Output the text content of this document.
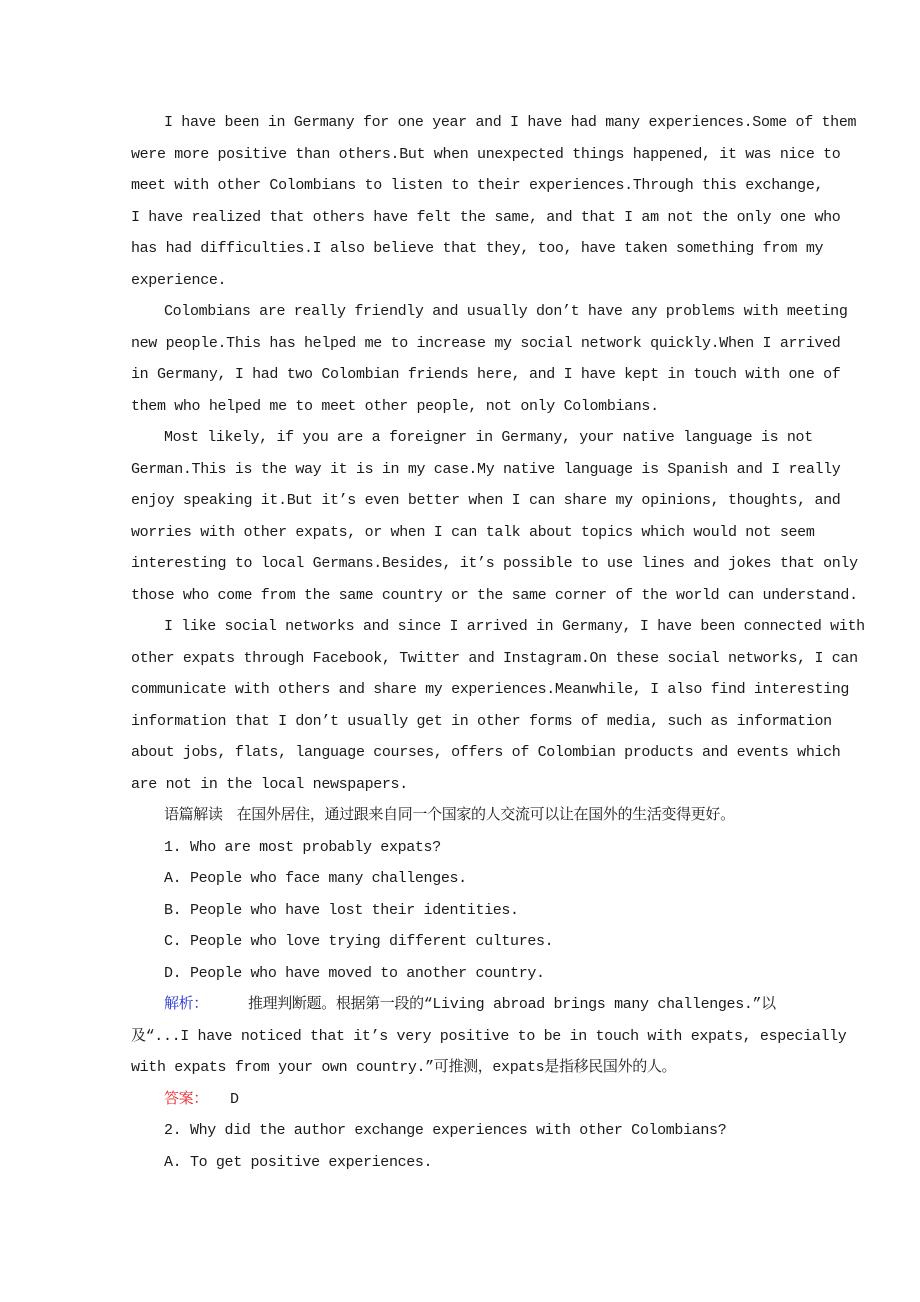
I have been in Germany for one year and I have had many experiences.Some of them
were more positive than others.But when unexpected things happened, it was nice to
meet with other Colombians to listen to their experiences.Through this exchange,
I have realized that others have felt the same, and that I am not the only one who
has had difficulties.I also believe that they, too, have taken something from my
experience.
Colombians are really friendly and usually don’t have any problems with meeting
new people.This has helped me to increase my social network quickly.When I arrived
in Germany, I had two Colombian friends here, and I have kept in touch with one of
them who helped me to meet other people, not only Colombians.
Most likely, if you are a foreigner in Germany, your native language is not
German.This is the way it is in my case.My native language is Spanish and I really
enjoy speaking it.But it’s even better when I can share my opinions, thoughts, and
worries with other expats, or when I can talk about topics which would not seem
interesting to local Germans.Besides, it’s possible to use lines and jokes that only
those who come from the same country or the same corner of the world can understand.
I like social networks and since I arrived in Germany, I have been connected with
other expats through Facebook, Twitter and Instagram.On these social networks, I can
communicate with others and share my experiences.Meanwhile, I also find interesting
information that I don’t usually get in other forms of media, such as information
about jobs, flats, language courses, offers of Colombian products and events which
are not in the local newspapers.
语篇解读 在国外居住，通过跟来自同一个国家的人交流可以让在国外的生活变得更好。
1. Who are most probably expats?
A. People who face many challenges.
B. People who have lost their identities.
C. People who love trying different cultures.
D. People who have moved to another country.
解析：	推理判断题。根据第一段的“Living abroad brings many challenges.”以
及“...I have noticed that it’s very positive to be in touch with expats, especially
with expats from your own country.”可推测，expats是指移民国外的人。
答案： D
2. Why did the author exchange experiences with other Colombians?
A. To get positive experiences.
